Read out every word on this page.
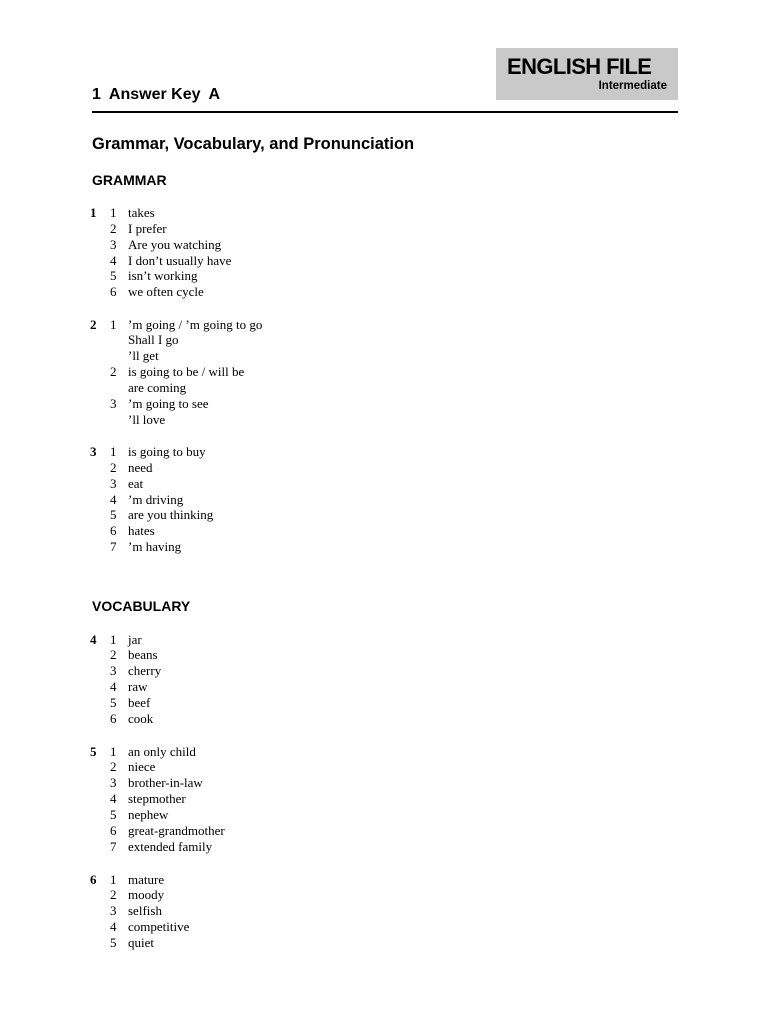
ENGLISH FILE
Intermediate
1 Answer Key A
Grammar, Vocabulary, and Pronunciation
GRAMMAR
1 1 takes
2 I prefer
3 Are you watching
4 I don’t usually have
5 isn’t working
6 we often cycle
2 1 ’m going / ’m going to go
Shall I go
’ll get
2 is going to be / will be
are coming
3 ’m going to see
’ll love
3 1 is going to buy
2 need
3 eat
4 ’m driving
5 are you thinking
6 hates
7 ’m having
VOCABULARY
4 1 jar
2 beans
3 cherry
4 raw
5 beef
6 cook
5 1 an only child
2 niece
3 brother-in-law
4 stepmother
5 nephew
6 great-grandmother
7 extended family
6 1 mature
2 moody
3 selfish
4 competitive
5 quiet
